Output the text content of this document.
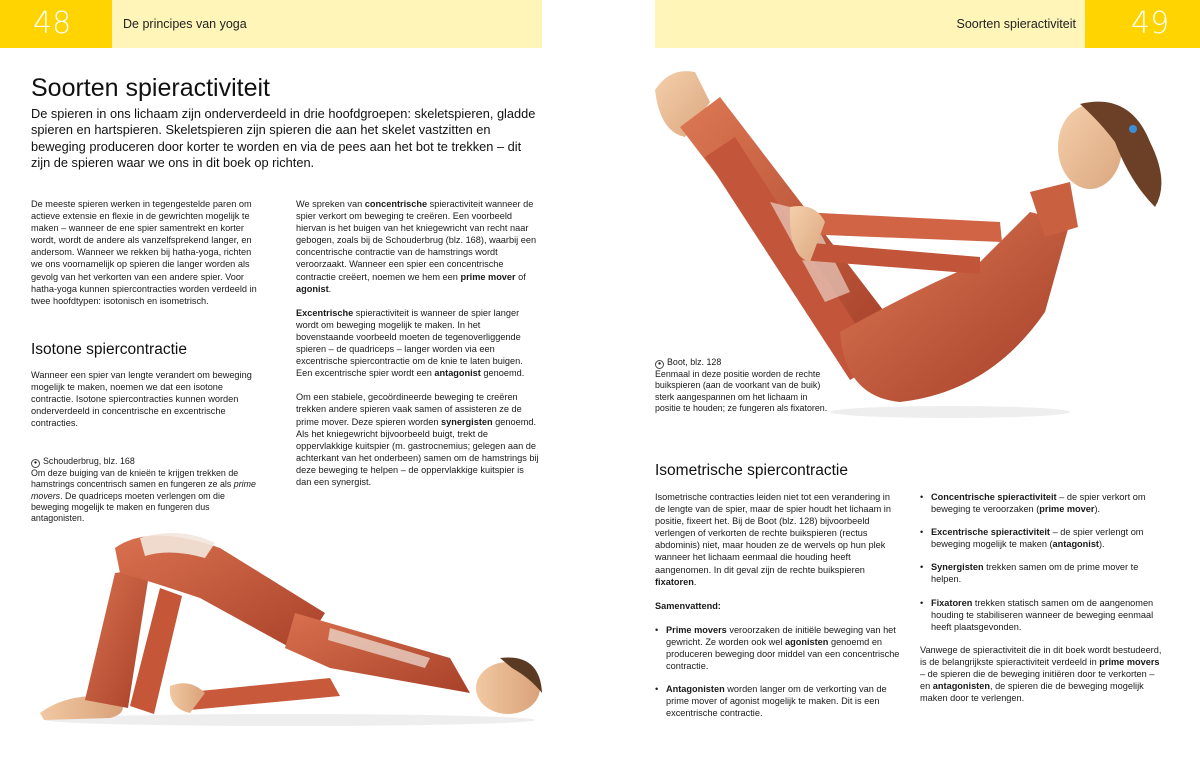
48	De principes van yoga	Soorten spieractiviteit	49
Soorten spieractiviteit

De spieren in ons lichaam zijn onderverdeeld in drie hoofdgroepen: skeletspieren, gladde spieren en hartspieren. Skeletspieren zijn spieren die aan het skelet vastzitten en beweging produceren door korter te worden en via de pees aan het bot te trekken – dit zijn de spieren waar we ons in dit boek op richten.

De meeste spieren werken in tegengestelde paren om actieve extensie en flexie in de gewrichten mogelijk te maken – wanneer de ene spier samentrekt en korter wordt, wordt de andere als vanzelfsprekend langer, en andersom. Wanneer we rekken bij hatha-yoga, richten we ons voornamelijk op spieren die langer worden als gevolg van het verkorten van een andere spier. Voor hatha-yoga kunnen spiercontracties worden verdeeld in twee hoofdtypen: isotonisch en isometrisch.

Isotone spiercontractie

Wanneer een spier van lengte verandert om beweging mogelijk te maken, noemen we dat een isotone contractie. Isotone spiercontracties kunnen worden onderverdeeld in concentrische en excentrische contracties.

● Schouderbrug, blz. 168
Om deze buiging van de knieën te krijgen trekken de hamstrings concentrisch samen en fungeren ze als prime movers. De quadriceps moeten verlengen om die beweging mogelijk te maken en fungeren dus antagonisten.

We spreken van concentrische spieractiviteit wanneer de spier verkort om beweging te creëren. Een voorbeeld hiervan is het buigen van het kniegewricht van recht naar gebogen, zoals bij de Schouderbrug (blz. 168), waarbij een concentrische contractie van de hamstrings wordt veroorzaakt. Wanneer een spier een concentrische contractie creëert, noemen we hem een prime mover of agonist.

Excentrische spieractiviteit is wanneer de spier langer wordt om beweging mogelijk te maken. In het bovenstaande voorbeeld moeten de tegenoverliggende spieren – de quadriceps – langer worden via een excentrische spiercontractie om de knie te laten buigen. Een excentrische spier wordt een antagonist genoemd.

Om een stabiele, gecoördineerde beweging te creëren trekken andere spieren vaak samen of assisteren ze de prime mover. Deze spieren worden synergisten genoemd. Als het kniegewricht bijvoorbeeld buigt, trekt de oppervlakkige kuitspier (m. gastrocnemius; gelegen aan de achterkant van het onderbeen) samen om de hamstrings bij deze beweging te helpen – de oppervlakkige kuitspier is dan een synergist.

● Boot, blz. 128
Eenmaal in deze positie worden de rechte buikspieren (aan de voorkant van de buik) sterk aangespannen om het lichaam in positie te houden; ze fungeren als fixatoren.
Isometrische spiercontractie

Isometrische contracties leiden niet tot een verandering in de lengte van de spier, maar de spier houdt het lichaam in positie, fixeert het. Bij de Boot (blz. 128) bijvoorbeeld verlengen of verkorten de rechte buikspieren (rectus abdominis) niet, maar houden ze de wervels op hun plek wanneer het lichaam eenmaal die houding heeft aangenomen. In dit geval zijn de rechte buikspieren fixatoren.

Samenvattend:

• Prime movers veroorzaken de initiële beweging van het gewricht. Ze worden ook wel agonisten genoemd en produceren beweging door middel van een concentrische contractie.
• Antagonisten worden langer om de verkorting van de prime mover of agonist mogelijk te maken. Dit is een excentrische contractie.
• Concentrische spieractiviteit – de spier verkort om beweging te veroorzaken (prime mover).
• Excentrische spieractiviteit – de spier verlengt om beweging mogelijk te maken (antagonist).
• Synergisten trekken samen om de prime mover te helpen.
• Fixatoren trekken statisch samen om de aangenomen houding te stabiliseren wanneer de beweging eenmaal heeft plaatsgevonden.

Vanwege de spieractiviteit die in dit boek wordt bestudeerd, is de belangrijkste spieractiviteit verdeeld in prime movers – de spieren die de beweging initiëren door te verkorten – en antagonisten, de spieren die de beweging mogelijk maken door te verlengen.
